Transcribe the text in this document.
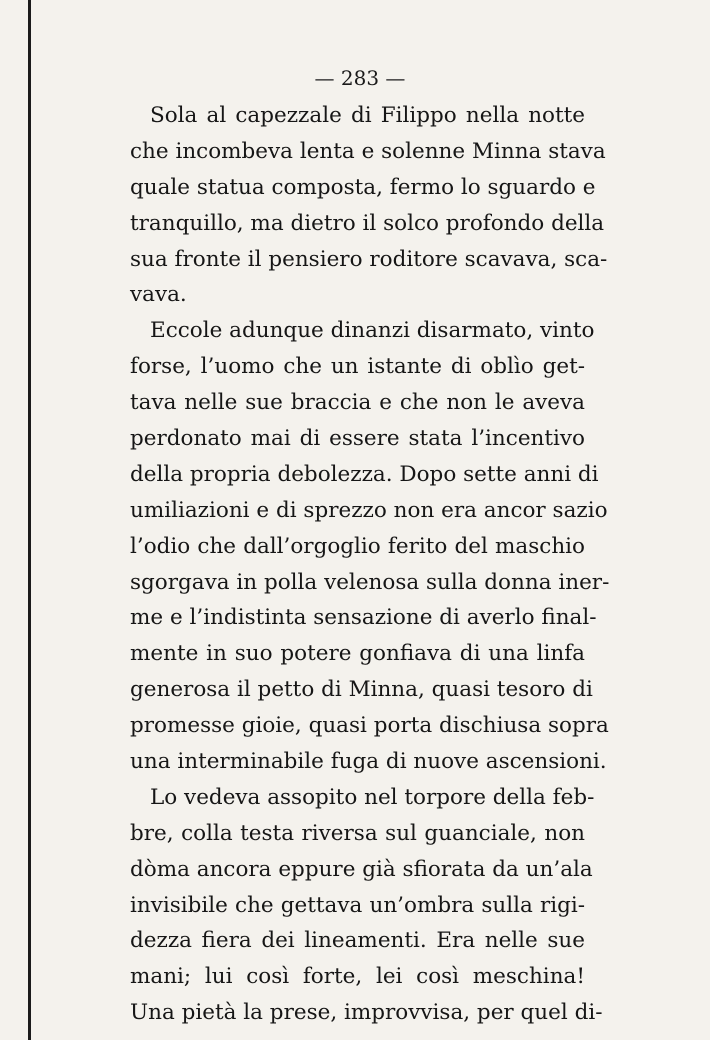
— 283 —
Sola al capezzale di Filippo nella notte
che incombeva lenta e solenne Minna stava
quale statua composta, fermo lo sguardo e
tranquillo, ma dietro il solco profondo della
sua fronte il pensiero roditore scavava, sca-
vava.
Eccole adunque dinanzi disarmato, vinto
forse, l’uomo che un istante di oblìo get-
tava nelle sue braccia e che non le aveva
perdonato mai di essere stata l’incentivo
della propria debolezza. Dopo sette anni di
umiliazioni e di sprezzo non era ancor sazio
l’odio che dall’orgoglio ferito del maschio
sgorgava in polla velenosa sulla donna iner-
me e l’indistinta sensazione di averlo final-
mente in suo potere gonfiava di una linfa
generosa il petto di Minna, quasi tesoro di
promesse gioie, quasi porta dischiusa sopra
una interminabile fuga di nuove ascensioni.
Lo vedeva assopito nel torpore della feb-
bre, colla testa riversa sul guanciale, non
dòma ancora eppure già sfiorata da un’ala
invisibile che gettava un’ombra sulla rigi-
dezza fiera dei lineamenti. Era nelle sue
mani; lui così forte, lei così meschina!
Una pietà la prese, improvvisa, per quel di-
